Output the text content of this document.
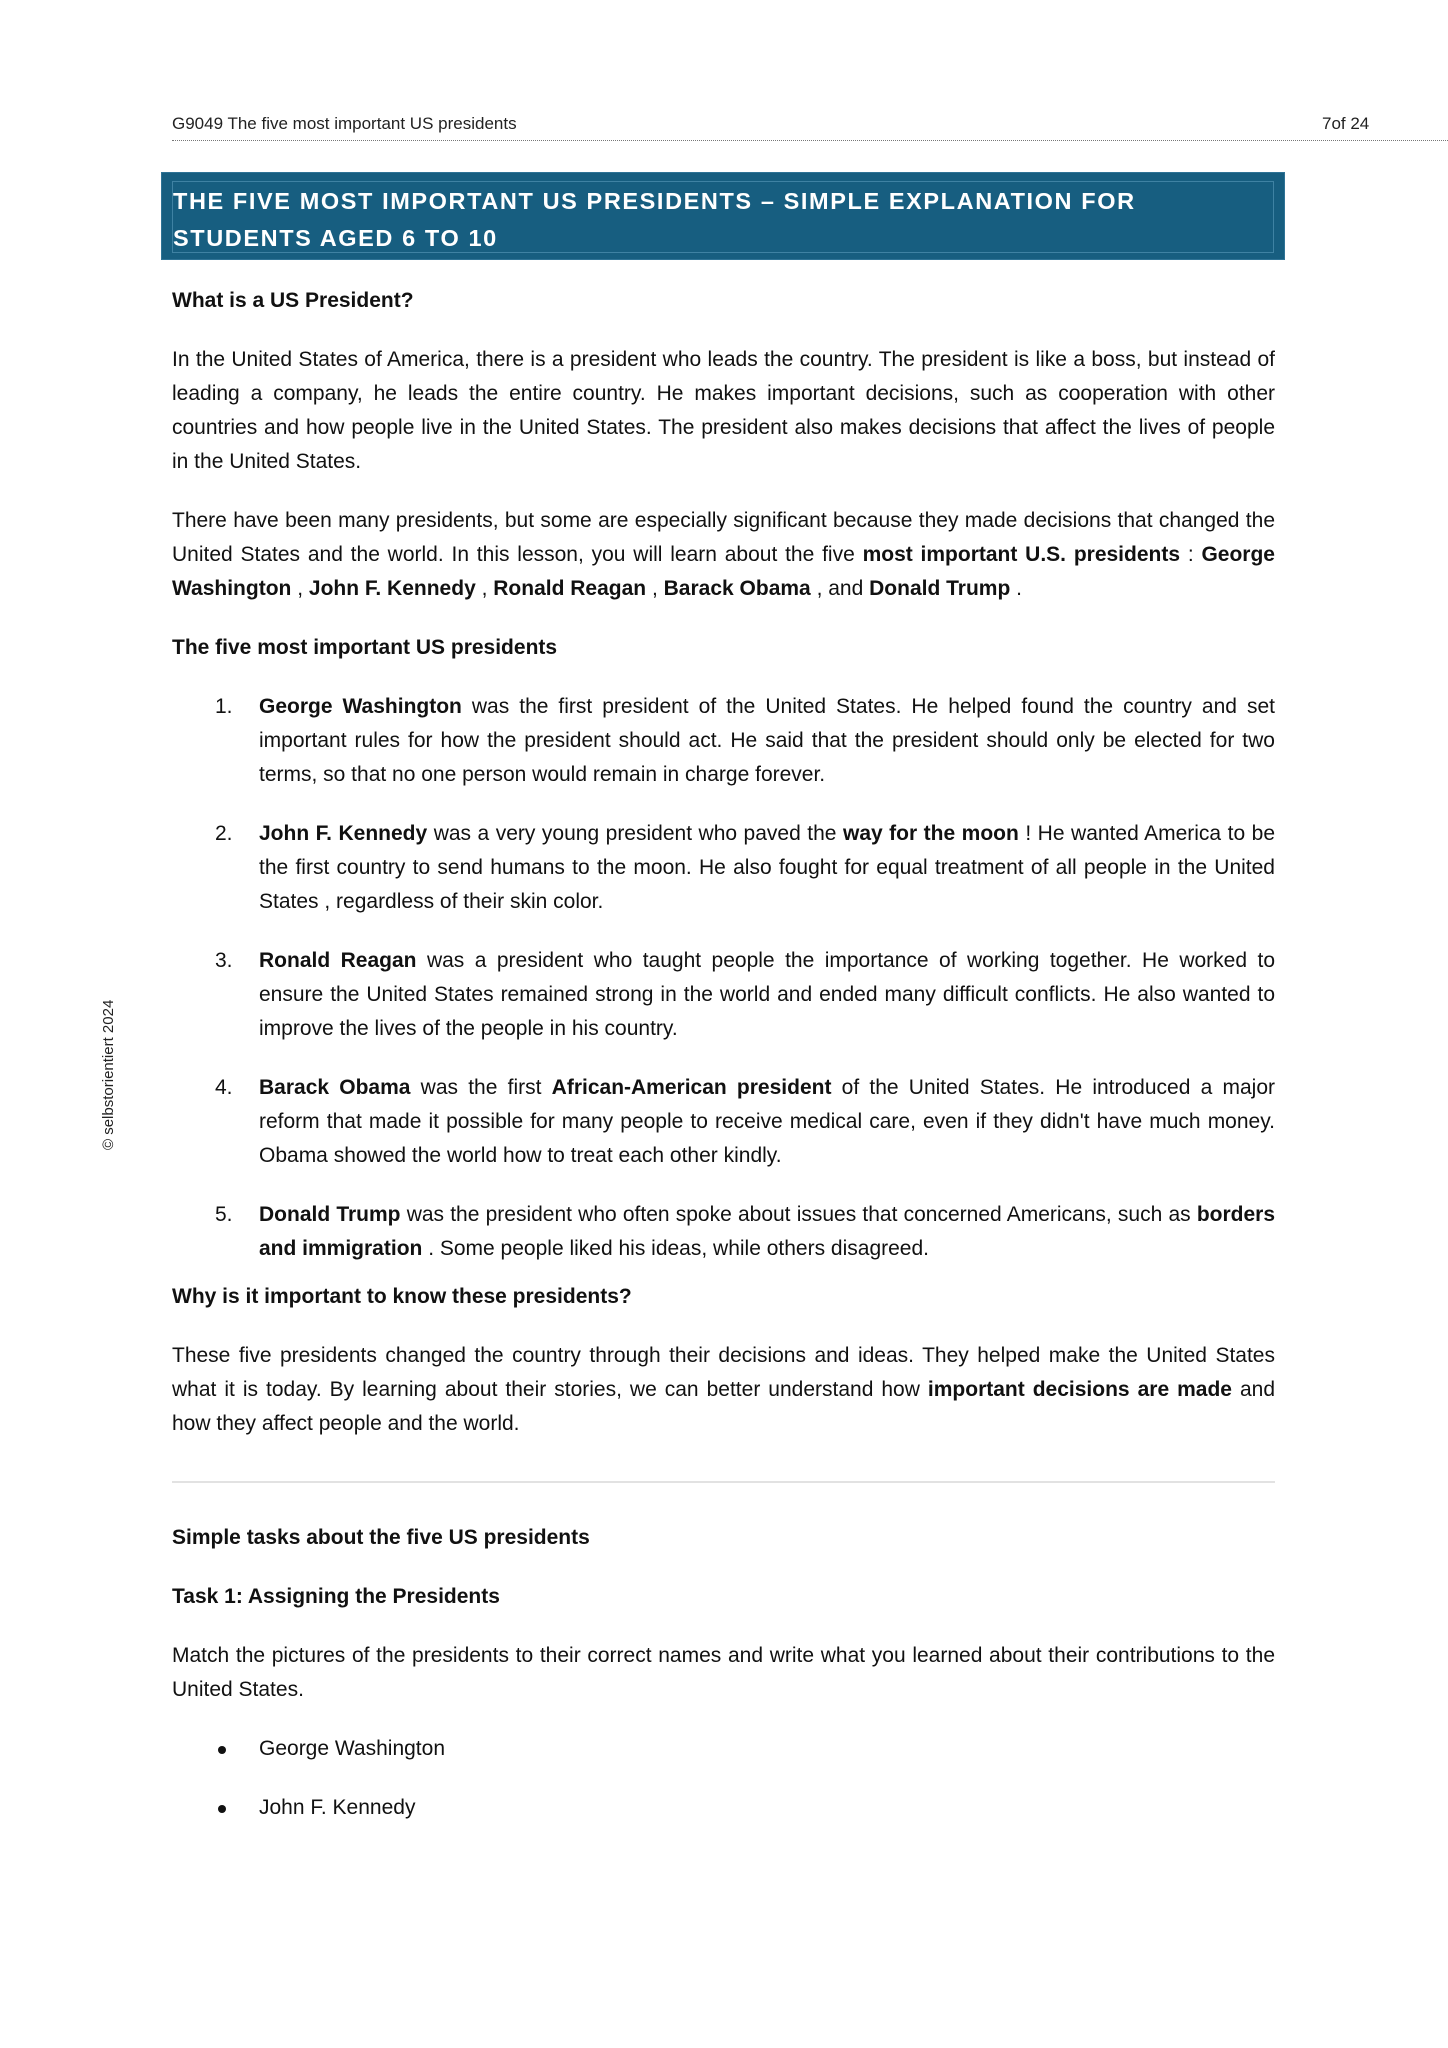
G9049 The five most important US presidents	7of 24
THE FIVE MOST IMPORTANT US PRESIDENTS – SIMPLE EXPLANATION FOR STUDENTS AGED 6 TO 10
© selbstorientiert 2024
What is a US President?

In the United States of America, there is a president who leads the country. The president is like a boss, but instead of leading a company, he leads the entire country. He makes important decisions, such as cooperation with other countries and how people live in the United States. The president also makes decisions that affect the lives of people in the United States.

There have been many presidents, but some are especially significant because they made decisions that changed the United States and the world. In this lesson, you will learn about the five most important U.S. presidents : George Washington , John F. Kennedy , Ronald Reagan , Barack Obama , and Donald Trump .

The five most important US presidents
1. George Washington was the first president of the United States. He helped found the country and set important rules for how the president should act. He said that the president should only be elected for two terms, so that no one person would remain in charge forever.
2. John F. Kennedy was a very young president who paved the way for the moon ! He wanted America to be the first country to send humans to the moon. He also fought for equal treatment of all people in the United States , regardless of their skin color.
3. Ronald Reagan was a president who taught people the importance of working together. He worked to ensure the United States remained strong in the world and ended many difficult conflicts. He also wanted to improve the lives of the people in his country.
4. Barack Obama was the first African-American president of the United States. He introduced a major reform that made it possible for many people to receive medical care, even if they didn't have much money. Obama showed the world how to treat each other kindly.
5. Donald Trump was the president who often spoke about issues that concerned Americans, such as borders and immigration . Some people liked his ideas, while others disagreed.
Why is it important to know these presidents?

These five presidents changed the country through their decisions and ideas. They helped make the United States what it is today. By learning about their stories, we can better understand how important decisions are made and how they affect people and the world.

Simple tasks about the five US presidents
Task 1: Assigning the Presidents

Match the pictures of the presidents to their correct names and write what you learned about their contributions to the United States.

George Washington
John F. Kennedy
